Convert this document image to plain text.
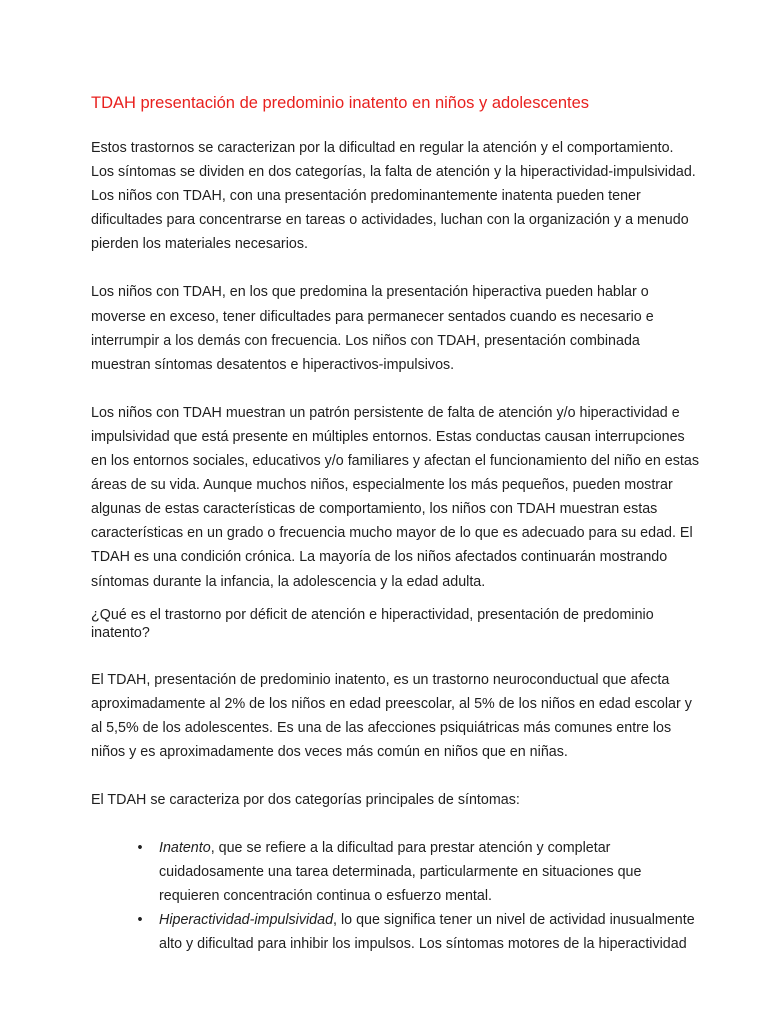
TDAH presentación de predominio inatento en niños y adolescentes

Estos trastornos se caracterizan por la dificultad en regular la atención y el comportamiento.
Los síntomas se dividen en dos categorías, la falta de atención y la hiperactividad-impulsividad.
Los niños con TDAH, con una presentación predominantemente inatenta pueden tener
dificultades para concentrarse en tareas o actividades, luchan con la organización y a menudo
pierden los materiales necesarios.

Los niños con TDAH, en los que predomina la presentación hiperactiva pueden hablar o
moverse en exceso, tener dificultades para permanecer sentados cuando es necesario e
interrumpir a los demás con frecuencia. Los niños con TDAH, presentación combinada
muestran síntomas desatentos e hiperactivos-impulsivos.

Los niños con TDAH muestran un patrón persistente de falta de atención y/o hiperactividad e
impulsividad que está presente en múltiples entornos. Estas conductas causan interrupciones
en los entornos sociales, educativos y/o familiares y afectan el funcionamiento del niño en estas
áreas de su vida. Aunque muchos niños, especialmente los más pequeños, pueden mostrar
algunas de estas características de comportamiento, los niños con TDAH muestran estas
características en un grado o frecuencia mucho mayor de lo que es adecuado para su edad. El
TDAH es una condición crónica. La mayoría de los niños afectados continuarán mostrando
síntomas durante la infancia, la adolescencia y la edad adulta.

¿Qué es el trastorno por déficit de atención e hiperactividad, presentación de predominio
inatento?

El TDAH, presentación de predominio inatento, es un trastorno neuroconductual que afecta
aproximadamente al 2% de los niños en edad preescolar, al 5% de los niños en edad escolar y
al 5,5% de los adolescentes. Es una de las afecciones psiquiátricas más comunes entre los
niños y es aproximadamente dos veces más común en niños que en niñas.

El TDAH se caracteriza por dos categorías principales de síntomas:

• Inatento, que se refiere a la dificultad para prestar atención y completar
cuidadosamente una tarea determinada, particularmente en situaciones que
requieren concentración continua o esfuerzo mental.
• Hiperactividad-impulsividad, lo que significa tener un nivel de actividad inusualmente
alto y dificultad para inhibir los impulsos. Los síntomas motores de la hiperactividad
